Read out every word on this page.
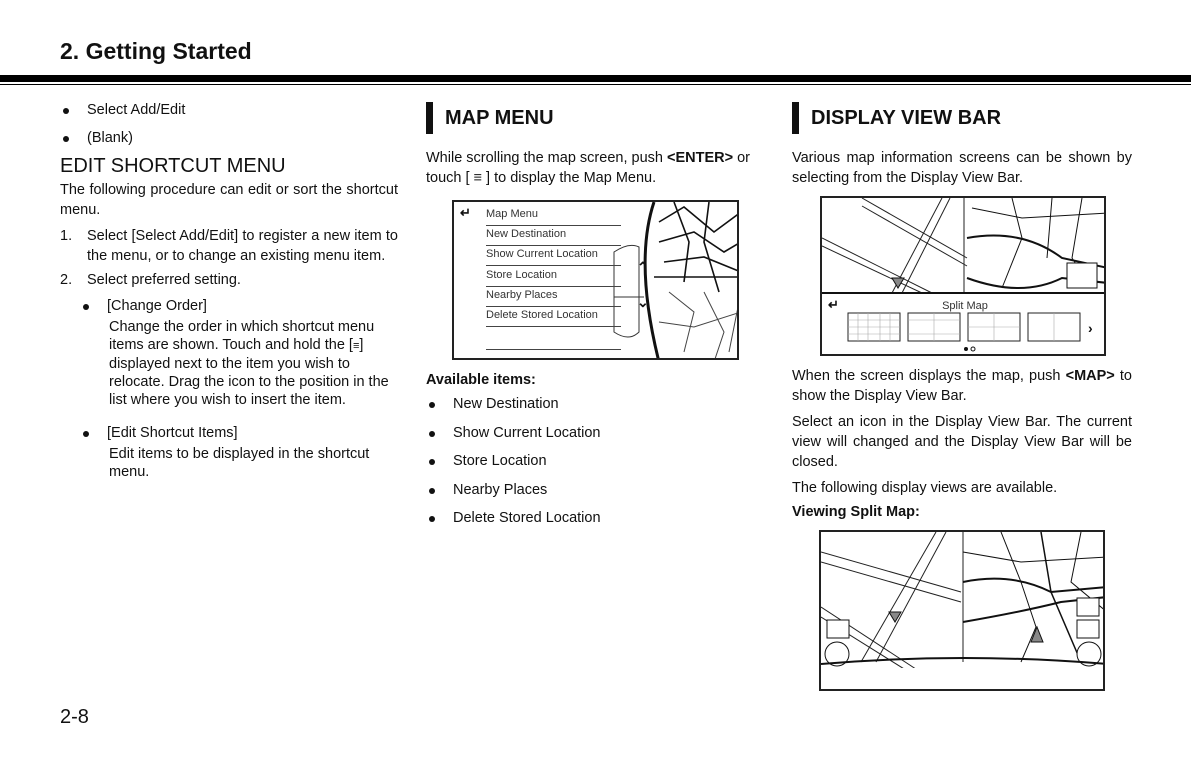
2. Getting Started
Select Add/Edit
(Blank)
EDIT SHORTCUT MENU

The following procedure can edit or sort the shortcut menu.

1.	Select [Select Add/Edit] to register a new item to the menu, or to change an existing menu item.
2.	Select preferred setting.
[Change Order]
Change the order in which shortcut menu items are shown. Touch and hold the [≡] displayed next to the item you wish to relocate. Drag the icon to the position in the list where you wish to insert the item.
[Edit Shortcut Items]
Edit items to be displayed in the shortcut menu.
MAP MENU

While scrolling the map screen, push <ENTER> or touch [ ≡ ] to display the Map Menu.

↵ Map Menu
New Destination
Show Current Location
Store Location
Nearby Places
Delete Stored Location
⌃
⌄
Available items:
New Destination
Show Current Location
Store Location
Nearby Places
Delete Stored Location
DISPLAY VIEW BAR

Various map information screens can be shown by selecting from the Display View Bar.

↵	Split Map
›

When the screen displays the map, push <MAP> to show the Display View Bar.

Select an icon in the Display View Bar. The current view will changed and the Display View Bar will be closed.

The following display views are available.

Viewing Split Map:
2-8
